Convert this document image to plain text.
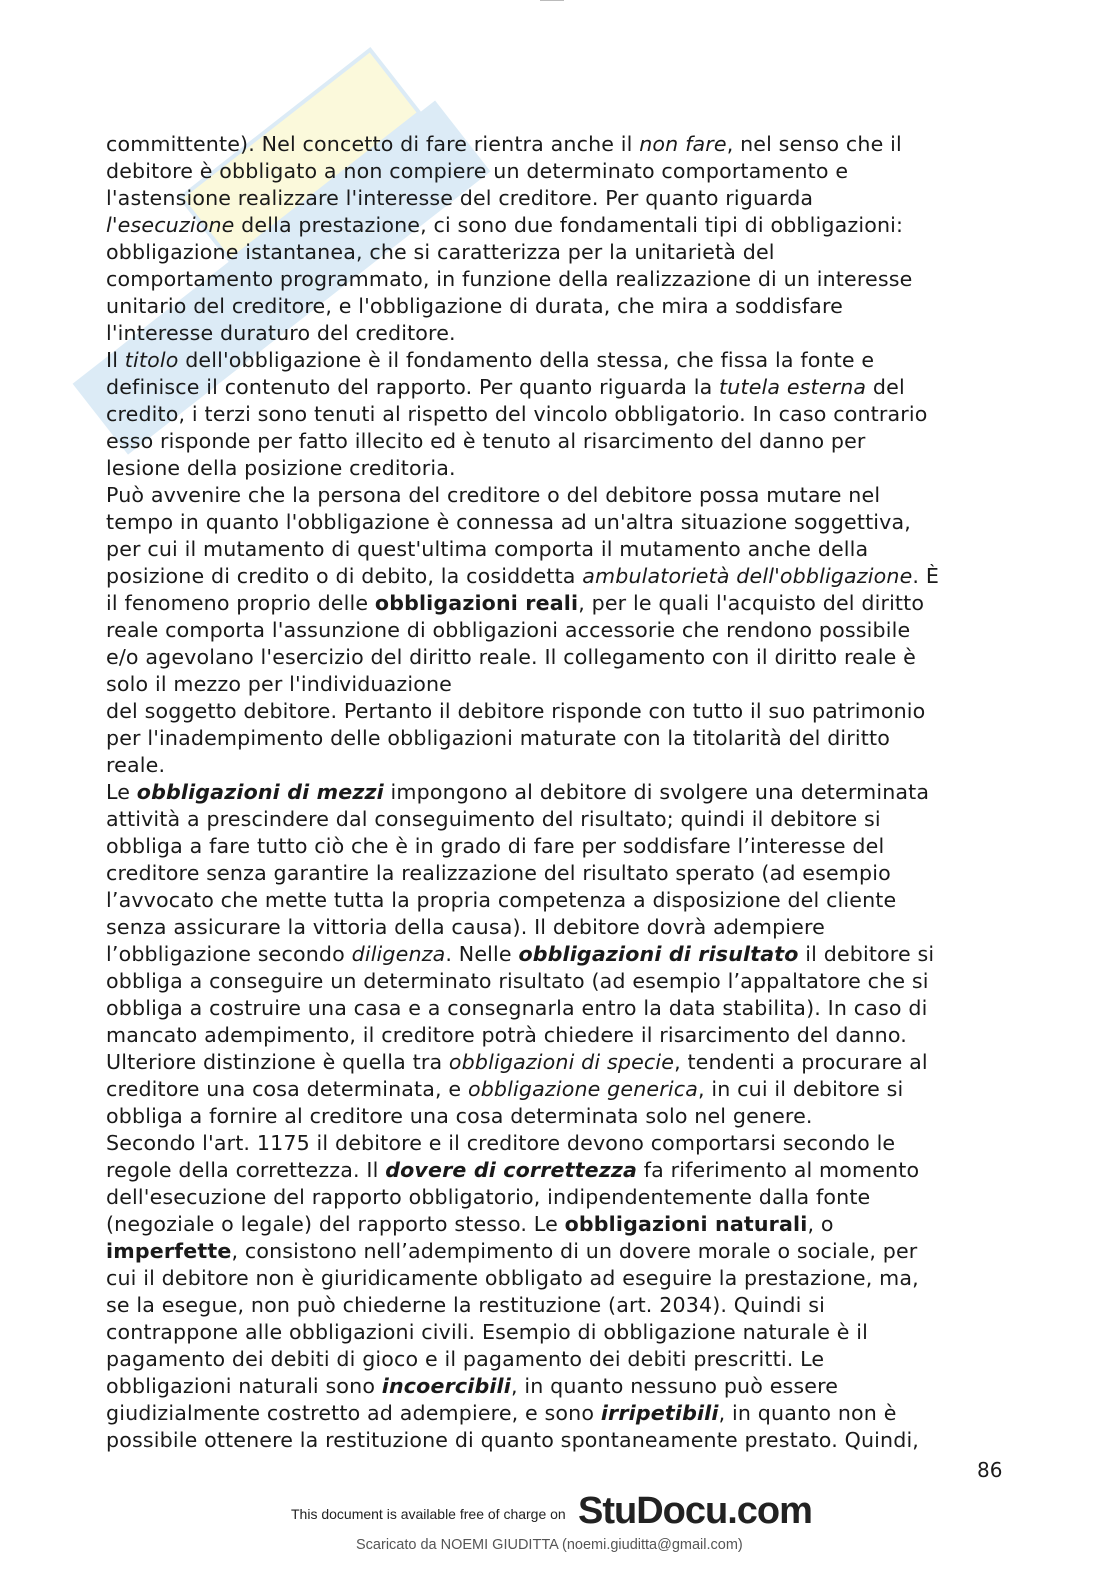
committente). Nel concetto di fare rientra anche il non fare, nel senso che il
debitore è obbligato a non compiere un determinato comportamento e
l'astensione realizzare l'interesse del creditore. Per quanto riguarda
l'esecuzione della prestazione, ci sono due fondamentali tipi di obbligazioni:
obbligazione istantanea, che si caratterizza per la unitarietà del
comportamento programmato, in funzione della realizzazione di un interesse
unitario del creditore, e l'obbligazione di durata, che mira a soddisfare
l'interesse duraturo del creditore.
Il titolo dell'obbligazione è il fondamento della stessa, che fissa la fonte e
definisce il contenuto del rapporto. Per quanto riguarda la tutela esterna del
credito, i terzi sono tenuti al rispetto del vincolo obbligatorio. In caso contrario
esso risponde per fatto illecito ed è tenuto al risarcimento del danno per
lesione della posizione creditoria.
Può avvenire che la persona del creditore o del debitore possa mutare nel
tempo in quanto l'obbligazione è connessa ad un'altra situazione soggettiva,
per cui il mutamento di quest'ultima comporta il mutamento anche della
posizione di credito o di debito, la cosiddetta ambulatorietà dell'obbligazione. È
il fenomeno proprio delle obbligazioni reali, per le quali l'acquisto del diritto
reale comporta l'assunzione di obbligazioni accessorie che rendono possibile
e/o agevolano l'esercizio del diritto reale. Il collegamento con il diritto reale è
solo il mezzo per l'individuazione
del soggetto debitore. Pertanto il debitore risponde con tutto il suo patrimonio
per l'inadempimento delle obbligazioni maturate con la titolarità del diritto
reale.
Le obbligazioni di mezzi impongono al debitore di svolgere una determinata
attività a prescindere dal conseguimento del risultato; quindi il debitore si
obbliga a fare tutto ciò che è in grado di fare per soddisfare l’interesse del
creditore senza garantire la realizzazione del risultato sperato (ad esempio
l’avvocato che mette tutta la propria competenza a disposizione del cliente
senza assicurare la vittoria della causa). Il debitore dovrà adempiere
l’obbligazione secondo diligenza. Nelle obbligazioni di risultato il debitore si
obbliga a conseguire un determinato risultato (ad esempio l’appaltatore che si
obbliga a costruire una casa e a consegnarla entro la data stabilita). In caso di
mancato adempimento, il creditore potrà chiedere il risarcimento del danno.
Ulteriore distinzione è quella tra obbligazioni di specie, tendenti a procurare al
creditore una cosa determinata, e obbligazione generica, in cui il debitore si
obbliga a fornire al creditore una cosa determinata solo nel genere.
Secondo l'art. 1175 il debitore e il creditore devono comportarsi secondo le
regole della correttezza. Il dovere di correttezza fa riferimento al momento
dell'esecuzione del rapporto obbligatorio, indipendentemente dalla fonte
(negoziale o legale) del rapporto stesso. Le obbligazioni naturali, o
imperfette, consistono nell’adempimento di un dovere morale o sociale, per
cui il debitore non è giuridicamente obbligato ad eseguire la prestazione, ma,
se la esegue, non può chiederne la restituzione (art. 2034). Quindi si
contrappone alle obbligazioni civili. Esempio di obbligazione naturale è il
pagamento dei debiti di gioco e il pagamento dei debiti prescritti. Le
obbligazioni naturali sono incoercibili, in quanto nessuno può essere
giudizialmente costretto ad adempiere, e sono irripetibili, in quanto non è
possibile ottenere la restituzione di quanto spontaneamente prestato. Quindi,
86
This document is available free of charge on StuDocu.com
Scaricato da NOEMI GIUDITTA (noemi.giuditta@gmail.com)
